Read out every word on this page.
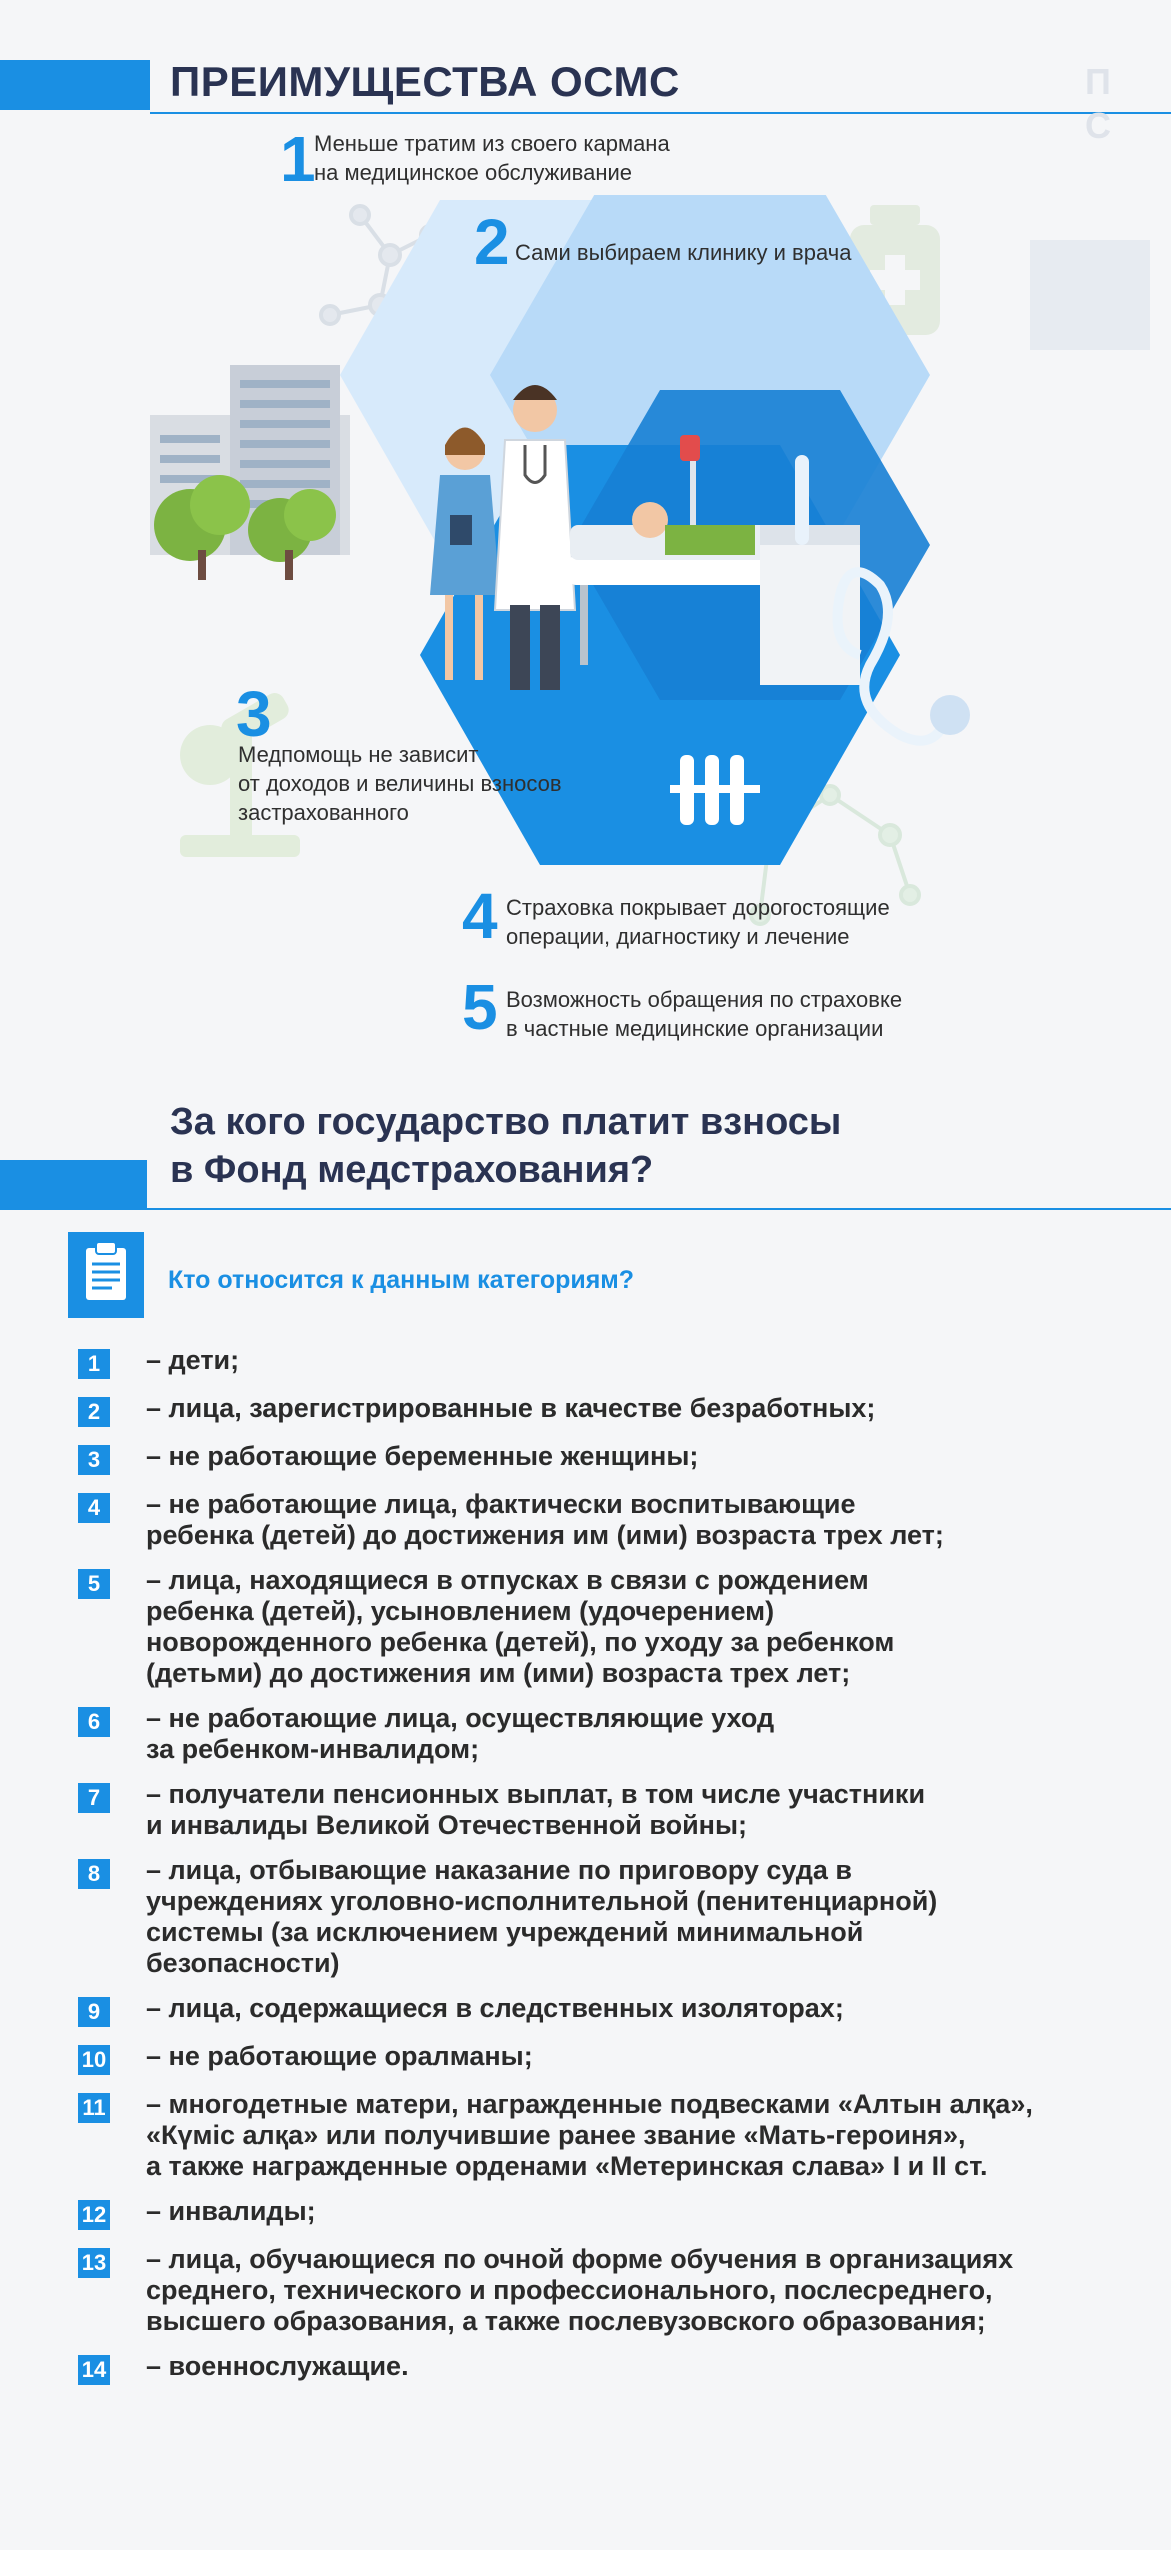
ПРЕИМУЩЕСТВА ОСМС	П
С
1
Меньше тратим из своего кармана
на медицинское обслуживание
2 Сами выбираем клинику и врача
3
Медпомощь не зависит
от доходов и величины взносов
застрахованного
4 Страховка покрывает дорогостоящие
операции, диагностику и лечение
5 Возможность обращения по страховке
в частные медицинские организации
За кого государство платит взносы
в Фонд медстрахования?
Кто относится к данным категориям?
1	– дети;
2	– лица, зарегистрированные в качестве безработных;
3	– не работающие беременные женщины;
4	– не работающие лица, фактически воспитывающие
ребенка (детей) до достижения им (ими) возраста трех лет;
5	– лица, находящиеся в отпусках в связи с рождением
ребенка (детей), усыновлением (удочерением)
новорожденного ребенка (детей), по уходу за ребенком
(детьми) до достижения им (ими) возраста трех лет;
6	– не работающие лица, осуществляющие уход
за ребенком-инвалидом;
7	– получатели пенсионных выплат, в том числе участники
и инвалиды Великой Отечественной войны;
8	– лица, отбывающие наказание по приговору суда в
учреждениях уголовно-исполнительной (пенитенциарной)
системы (за исключением учреждений минимальной
безопасности)
9	– лица, содержащиеся в следственных изоляторах;
10 – не работающие оралманы;
11 – многодетные матери, награжденные подвесками «Алтын алқа»,
«Күміс алқа» или получившие ранее звание «Мать-героиня»,
а также награжденные орденами «Метеринская слава» I и II ст.
12 – инвалиды;
13 – лица, обучающиеся по очной форме обучения в организациях
среднего, технического и профессионального, послесреднего,
высшего образования, а также послевузовского образования;
14 – военнослужащие.
